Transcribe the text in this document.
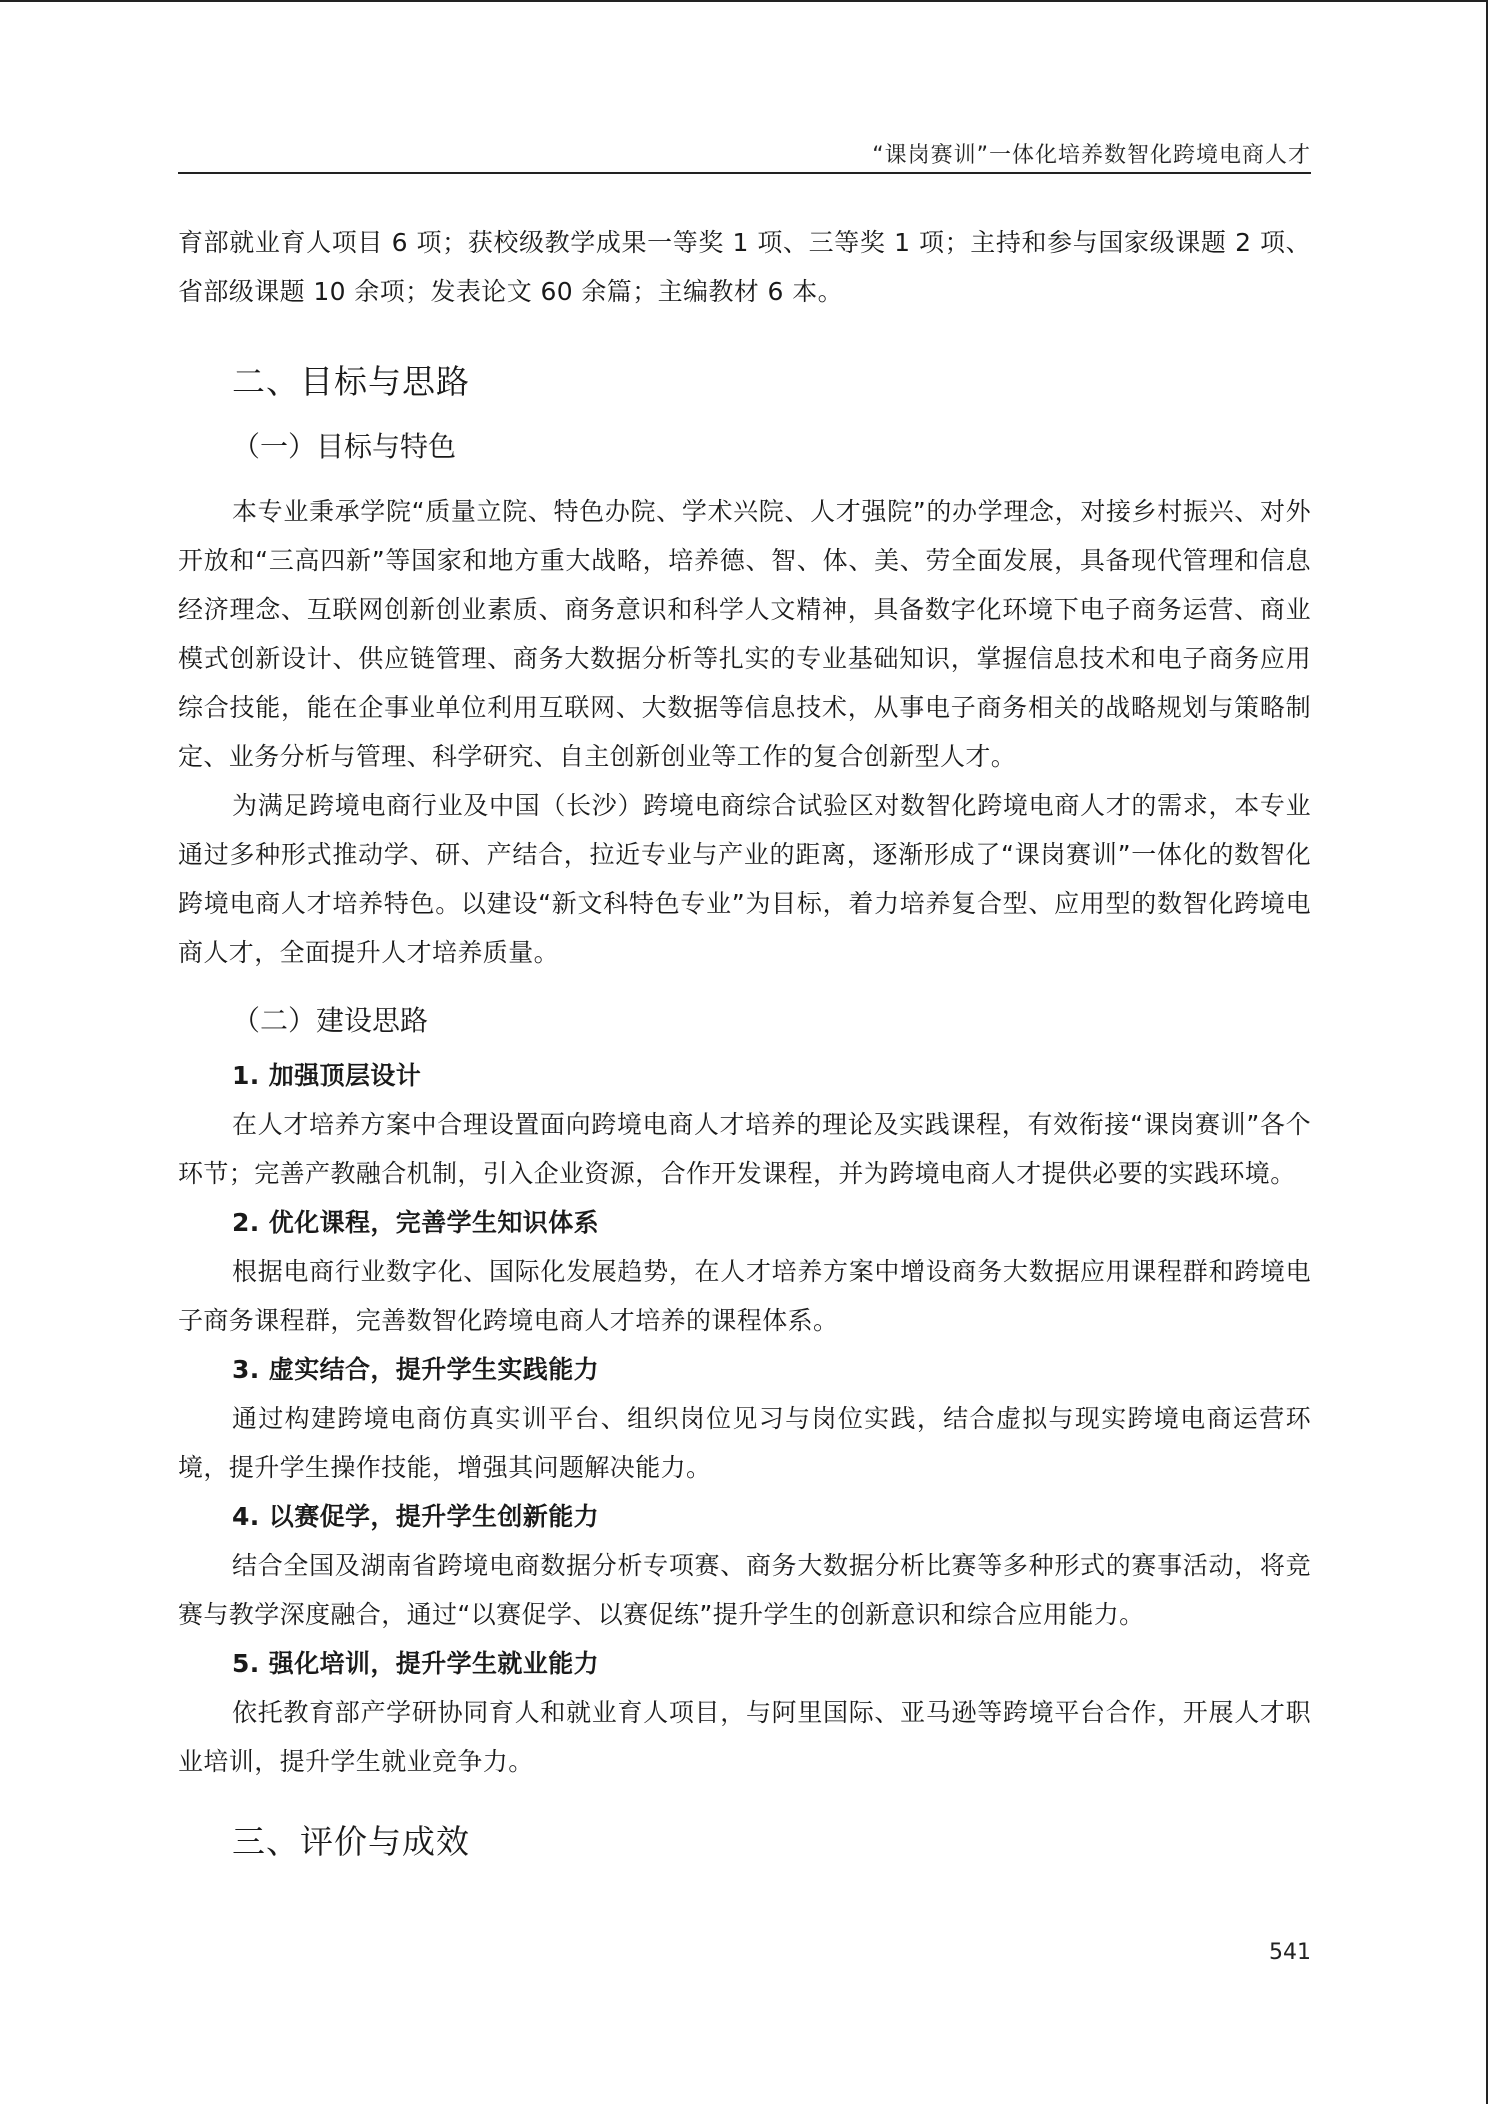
“课岗赛训”一体化培养数智化跨境电商人才

育部就业育人项目 6 项；获校级教学成果一等奖 1 项、三等奖 1 项；主持和参与国家级课题 2 项、省部级课题 10 余项；发表论文 60 余篇；主编教材 6 本。

二、目标与思路
（一）目标与特色

本专业秉承学院“质量立院、特色办院、学术兴院、人才强院”的办学理念，对接乡村振兴、对外开放和“三高四新”等国家和地方重大战略，培养德、智、体、美、劳全面发展，具备现代管理和信息经济理念、互联网创新创业素质、商务意识和科学人文精神，具备数字化环境下电子商务运营、商业模式创新设计、供应链管理、商务大数据分析等扎实的专业基础知识，掌握信息技术和电子商务应用综合技能，能在企事业单位利用互联网、大数据等信息技术，从事电子商务相关的战略规划与策略制定、业务分析与管理、科学研究、自主创新创业等工作的复合创新型人才。

为满足跨境电商行业及中国（长沙）跨境电商综合试验区对数智化跨境电商人才的需求，本专业通过多种形式推动学、研、产结合，拉近专业与产业的距离，逐渐形成了“课岗赛训”一体化的数智化跨境电商人才培养特色。以建设“新文科特色专业”为目标，着力培养复合型、应用型的数智化跨境电商人才，全面提升人才培养质量。

（二）建设思路
1. 加强顶层设计

在人才培养方案中合理设置面向跨境电商人才培养的理论及实践课程，有效衔接“课岗赛训”各个环节；完善产教融合机制，引入企业资源，合作开发课程，并为跨境电商人才提供必要的实践环境。

2. 优化课程，完善学生知识体系

根据电商行业数字化、国际化发展趋势，在人才培养方案中增设商务大数据应用课程群和跨境电子商务课程群，完善数智化跨境电商人才培养的课程体系。

3. 虚实结合，提升学生实践能力

通过构建跨境电商仿真实训平台、组织岗位见习与岗位实践，结合虚拟与现实跨境电商运营环境，提升学生操作技能，增强其问题解决能力。

4. 以赛促学，提升学生创新能力

结合全国及湖南省跨境电商数据分析专项赛、商务大数据分析比赛等多种形式的赛事活动，将竞赛与教学深度融合，通过“以赛促学、以赛促练”提升学生的创新意识和综合应用能力。

5. 强化培训，提升学生就业能力

依托教育部产学研协同育人和就业育人项目，与阿里国际、亚马逊等跨境平台合作，开展人才职业培训，提升学生就业竞争力。

三、评价与成效
541
